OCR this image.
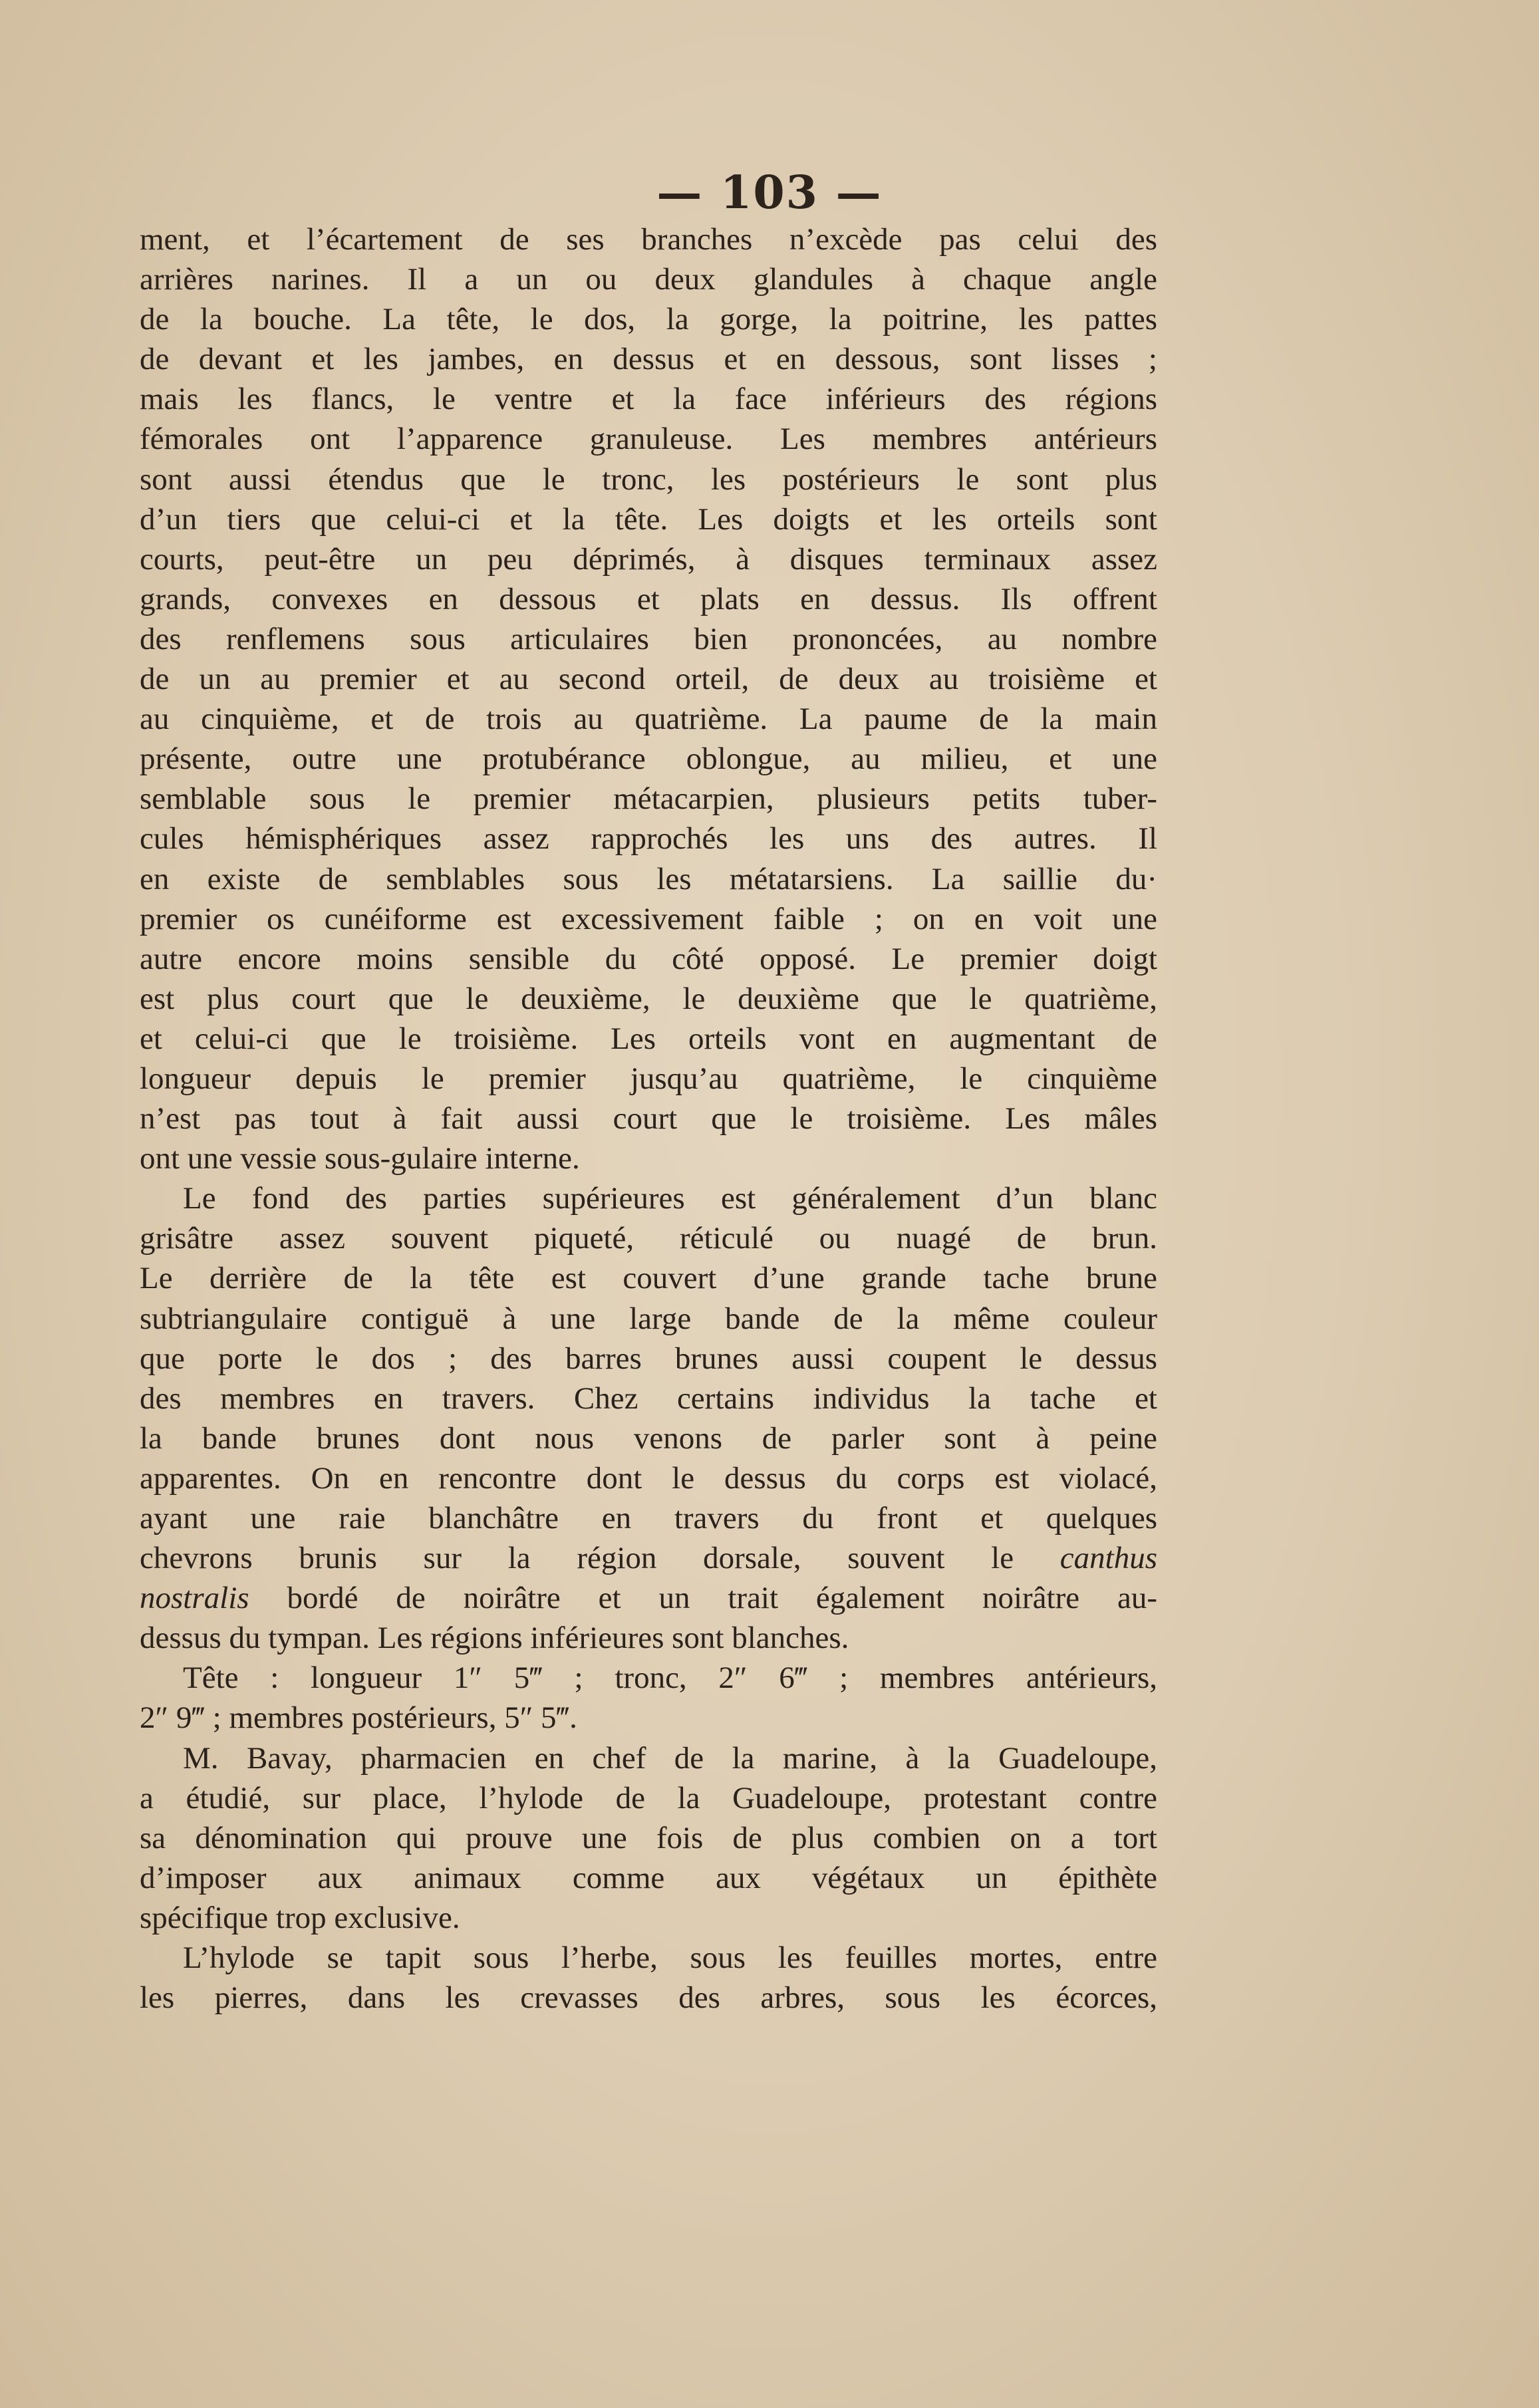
— 103 —
ment, et l’écartement de ses branches n’excède pas celui des
arrières narines. Il a un ou deux glandules à chaque angle
de la bouche. La tête, le dos, la gorge, la poitrine, les pattes
de devant et les jambes, en dessus et en dessous, sont lisses ;
mais les flancs, le ventre et la face inférieurs des régions
fémorales ont l’apparence granuleuse. Les membres antérieurs
sont aussi étendus que le tronc, les postérieurs le sont plus
d’un tiers que celui-ci et la tête. Les doigts et les orteils sont
courts, peut-être un peu déprimés, à disques terminaux assez
grands, convexes en dessous et plats en dessus. Ils offrent
des renflemens sous articulaires bien prononcées, au nombre
de un au premier et au second orteil, de deux au troisième et
au cinquième, et de trois au quatrième. La paume de la main
présente, outre une protubérance oblongue, au milieu, et une
semblable sous le premier métacarpien, plusieurs petits tuber-
cules hémisphériques assez rapprochés les uns des autres. Il
en existe de semblables sous les métatarsiens. La saillie du·
premier os cunéiforme est excessivement faible ; on en voit une
autre encore moins sensible du côté opposé. Le premier doigt
est plus court que le deuxième, le deuxième que le quatrième,
et celui-ci que le troisième. Les orteils vont en augmentant de
longueur depuis le premier jusqu’au quatrième, le cinquième
n’est pas tout à fait aussi court que le troisième. Les mâles
ont une vessie sous-gulaire interne.
Le fond des parties supérieures est généralement d’un blanc
grisâtre assez souvent piqueté, réticulé ou nuagé de brun.
Le derrière de la tête est couvert d’une grande tache brune
subtriangulaire contiguë à une large bande de la même couleur
que porte le dos ; des barres brunes aussi coupent le dessus
des membres en travers. Chez certains individus la tache et
la bande brunes dont nous venons de parler sont à peine
apparentes. On en rencontre dont le dessus du corps est violacé,
ayant une raie blanchâtre en travers du front et quelques
chevrons brunis sur la région dorsale, souvent le canthus
nostralis bordé de noirâtre et un trait également noirâtre au-
dessus du tympan. Les régions inférieures sont blanches.
Tête : longueur 1″ 5‴ ; tronc, 2″ 6‴ ; membres antérieurs,
2″ 9‴ ; membres postérieurs, 5″ 5‴.
M. Bavay, pharmacien en chef de la marine, à la Guadeloupe,
a étudié, sur place, l’hylode de la Guadeloupe, protestant contre
sa dénomination qui prouve une fois de plus combien on a tort
d’imposer aux animaux comme aux végétaux un épithète
spécifique trop exclusive.
L’hylode se tapit sous l’herbe, sous les feuilles mortes, entre
les pierres, dans les crevasses des arbres, sous les écorces,
